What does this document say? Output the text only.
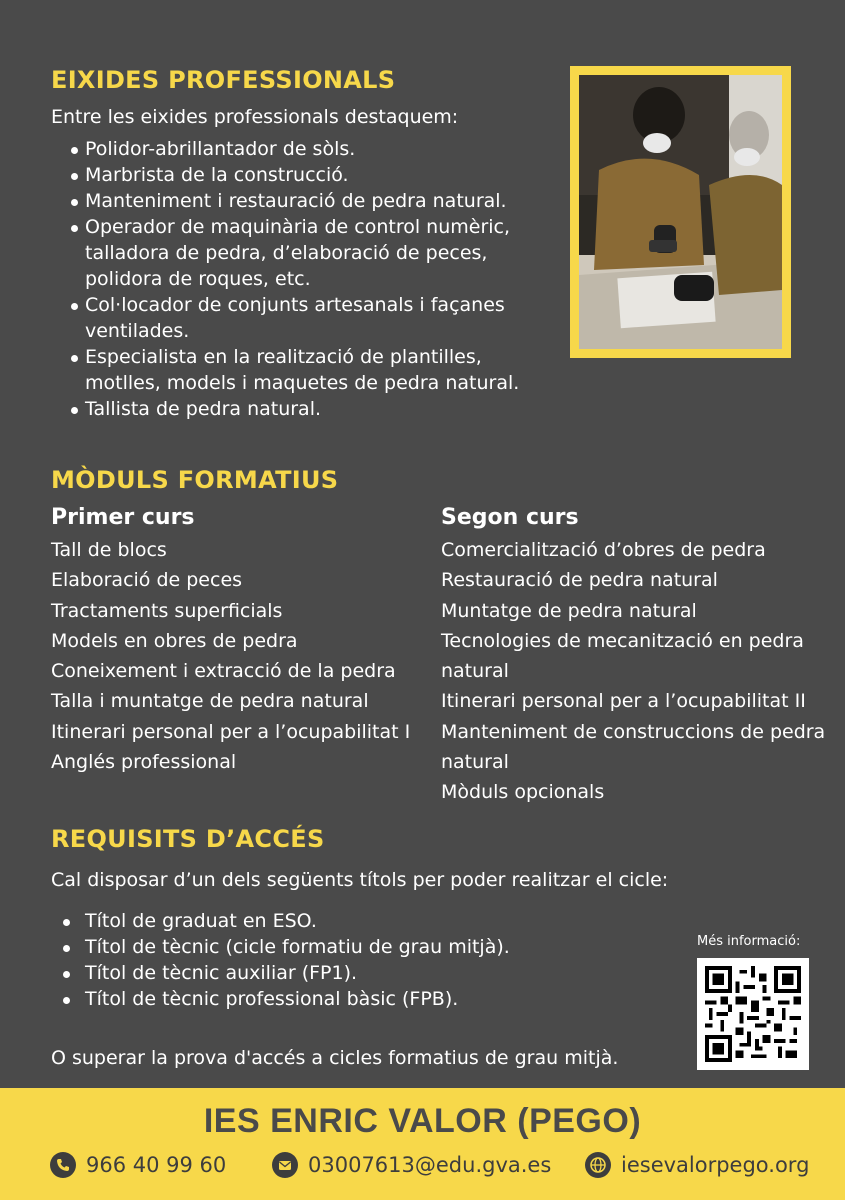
EIXIDES PROFESSIONALS
Entre les eixides professionals destaquem:
Polidor-abrillantador de sòls.
Marbrista de la construcció.
Manteniment i restauració de pedra natural.
Operador de maquinària de control numèric, talladora de pedra, d’elaboració de peces, polidora de roques, etc.
Col·locador de conjunts artesanals i façanes ventilades.
Especialista en la realització de plantilles, motlles, models i maquetes de pedra natural.
Tallista de pedra natural.
MÒDULS FORMATIUS
Primer curs
Tall de blocs
Elaboració de peces
Tractaments superficials
Models en obres de pedra
Coneixement i extracció de la pedra
Talla i muntatge de pedra natural
Itinerari personal per a l’ocupabilitat I
Anglés professional
Segon curs
Comercialització d’obres de pedra
Restauració de pedra natural
Muntatge de pedra natural
Tecnologies de mecanització en pedra natural
Itinerari personal per a l’ocupabilitat II
Manteniment de construccions de pedra natural
Mòduls opcionals
REQUISITS D’ACCÉS
Cal disposar d’un dels següents títols per poder realitzar el cicle:
Títol de graduat en ESO.
Títol de tècnic (cicle formatiu de grau mitjà).
Títol de tècnic auxiliar (FP1).
Títol de tècnic professional bàsic (FPB).
O superar la prova d'accés a cicles formatius de grau mitjà.
Més informació:
IES ENRIC VALOR (PEGO)
966 40 99 60	03007613@edu.gva.es	iesevalorpego.org
